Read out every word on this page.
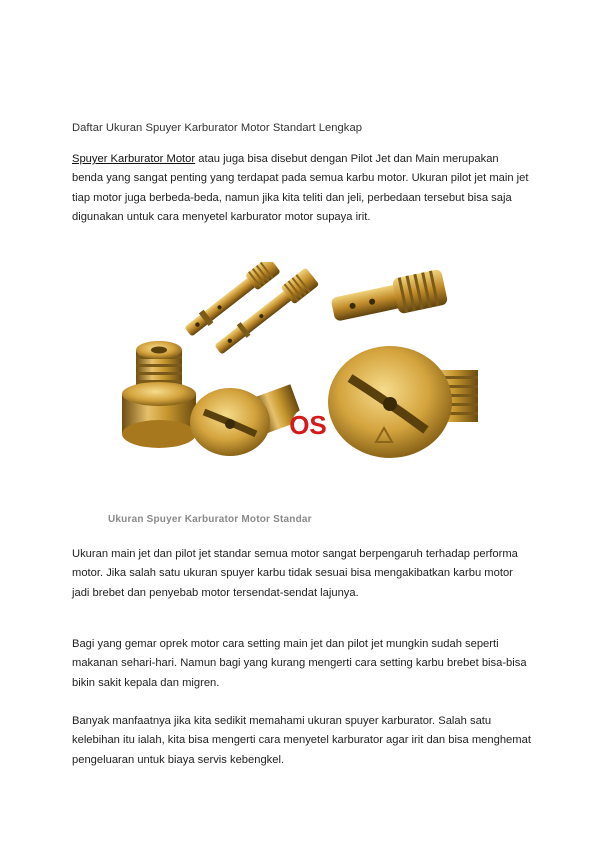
Daftar Ukuran Spuyer Karburator Motor Standart Lengkap
Spuyer Karburator Motor atau juga bisa disebut dengan Pilot Jet dan Main merupakan benda yang sangat penting yang terdapat pada semua karbu motor. Ukuran pilot jet main jet tiap motor juga berbeda-beda, namun jika kita teliti dan jeli, perbedaan tersebut bisa saja digunakan untuk cara menyetel karburator motor supaya irit.
OS
Ukuran Spuyer Karburator Motor Standar
Ukuran main jet dan pilot jet standar semua motor sangat berpengaruh terhadap performa motor. Jika salah satu ukuran spuyer karbu tidak sesuai bisa mengakibatkan karbu motor jadi brebet dan penyebab motor tersendat-sendat lajunya.
Bagi yang gemar oprek motor cara setting main jet dan pilot jet mungkin sudah seperti makanan sehari-hari. Namun bagi yang kurang mengerti cara setting karbu brebet bisa-bisa bikin sakit kepala dan migren.
Banyak manfaatnya jika kita sedikit memahami ukuran spuyer karburator. Salah satu kelebihan itu ialah, kita bisa mengerti cara menyetel karburator agar irit dan bisa menghemat pengeluaran untuk biaya servis kebengkel.
